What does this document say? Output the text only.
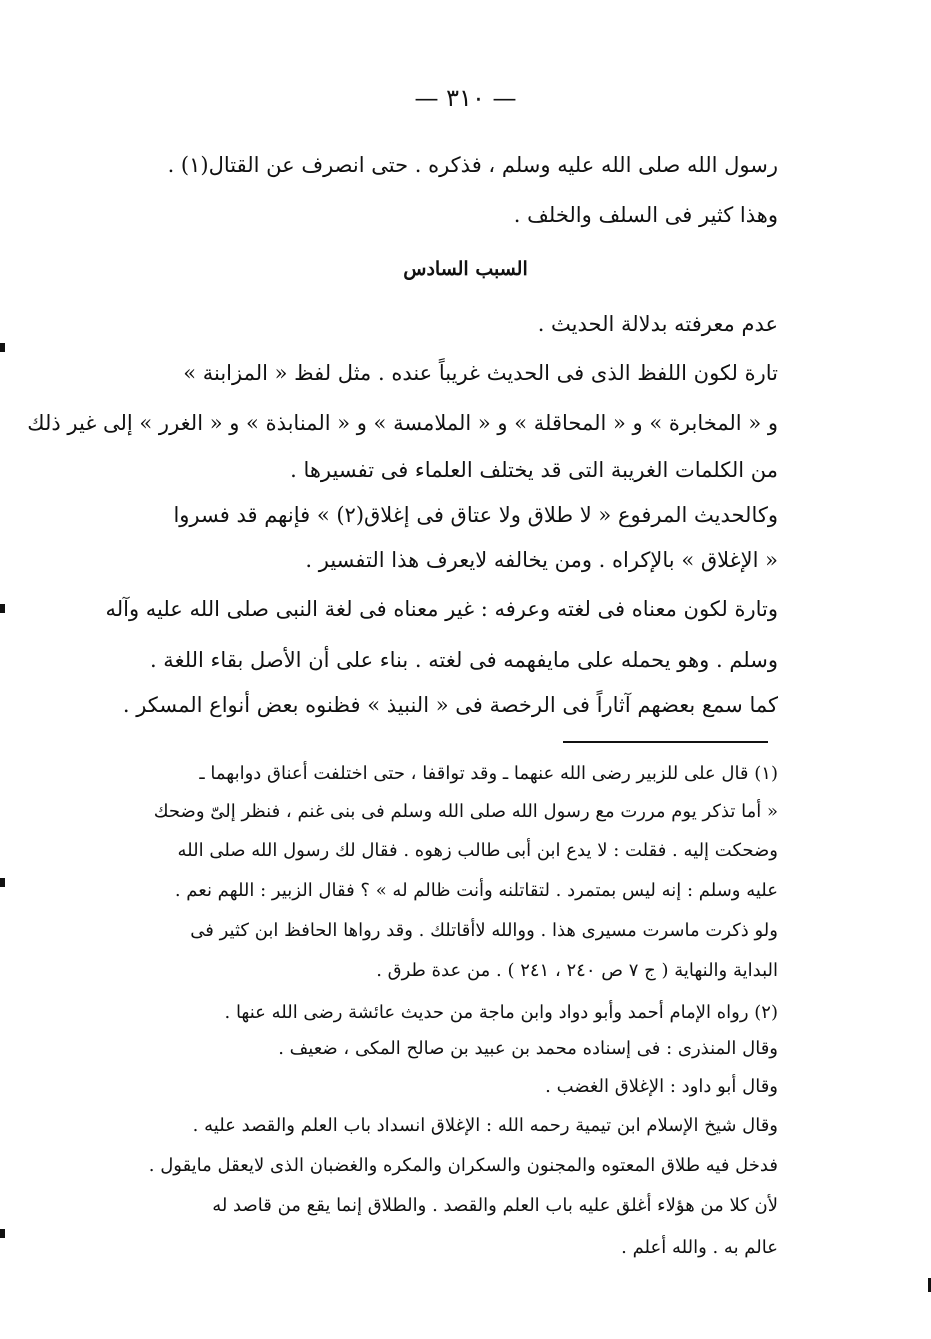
— ٣١٠ —
رسول الله صلى الله عليه وسلم ، فذكره . حتى انصرف عن القتال(١) .
وهذا كثير فى السلف والخلف .
السبب السادس
عدم معرفته بدلالة الحديث .
تارة لكون اللفظ الذى فى الحديث غريباً عنده . مثل لفظ « المزابنة »
و « المخابرة » و « المحاقلة » و « الملامسة » و « المنابذة » و « الغرر » إلى غير ذلك
من الكلمات الغريبة التى قد يختلف العلماء فى تفسيرها .
وكالحديث المرفوع « لا طلاق ولا عتاق فى إغلاق(٢) » فإنهم قد فسروا
« الإغلاق » بالإكراه . ومن يخالفه لايعرف هذا التفسير .
وتارة لكون معناه فى لغته وعرفه : غير معناه فى لغة النبى صلى الله عليه وآله
وسلم . وهو يحمله على مايفهمه فى لغته . بناء على أن الأصل بقاء اللغة .
كما سمع بعضهم آثاراً فى الرخصة فى « النبيذ » فظنوه بعض أنواع المسكر .
(١) قال على للزبير رضى الله عنهما ـ وقد تواقفا ، حتى اختلفت أعناق دوابهما ـ
« أما تذكر يوم مررت مع رسول الله صلى الله وسلم فى بنى غنم ، فنظر إلىّ وضحك
وضحكت إليه . فقلت : لا يدع ابن أبى طالب زهوه . فقال لك رسول الله صلى الله
عليه وسلم : إنه ليس بمتمرد . لتقاتلنه وأنت ظالم له » ؟ فقال الزبير : اللهم نعم .
ولو ذكرت ماسرت مسيرى هذا . ووالله لاأقاتلك . وقد رواها الحافظ ابن كثير فى
البداية والنهاية ( ج ٧ ص ٢٤٠ ، ٢٤١ ) . من عدة طرق .
(٢) رواه الإمام أحمد وأبو دواد وابن ماجة من حديث عائشة رضى الله عنها .
وقال المنذرى : فى إسناده محمد بن عبيد بن صالح المكى ، ضعيف .
وقال أبو داود : الإغلاق الغضب .
وقال شيخ الإسلام ابن تيمية رحمه الله : الإغلاق انسداد باب العلم والقصد عليه .
فدخل فيه طلاق المعتوه والمجنون والسكران والمكره والغضبان الذى لايعقل مايقول .
لأن كلا من هؤلاء أغلق عليه باب العلم والقصد . والطلاق إنما يقع من قاصد له
عالم به . والله أعلم .
